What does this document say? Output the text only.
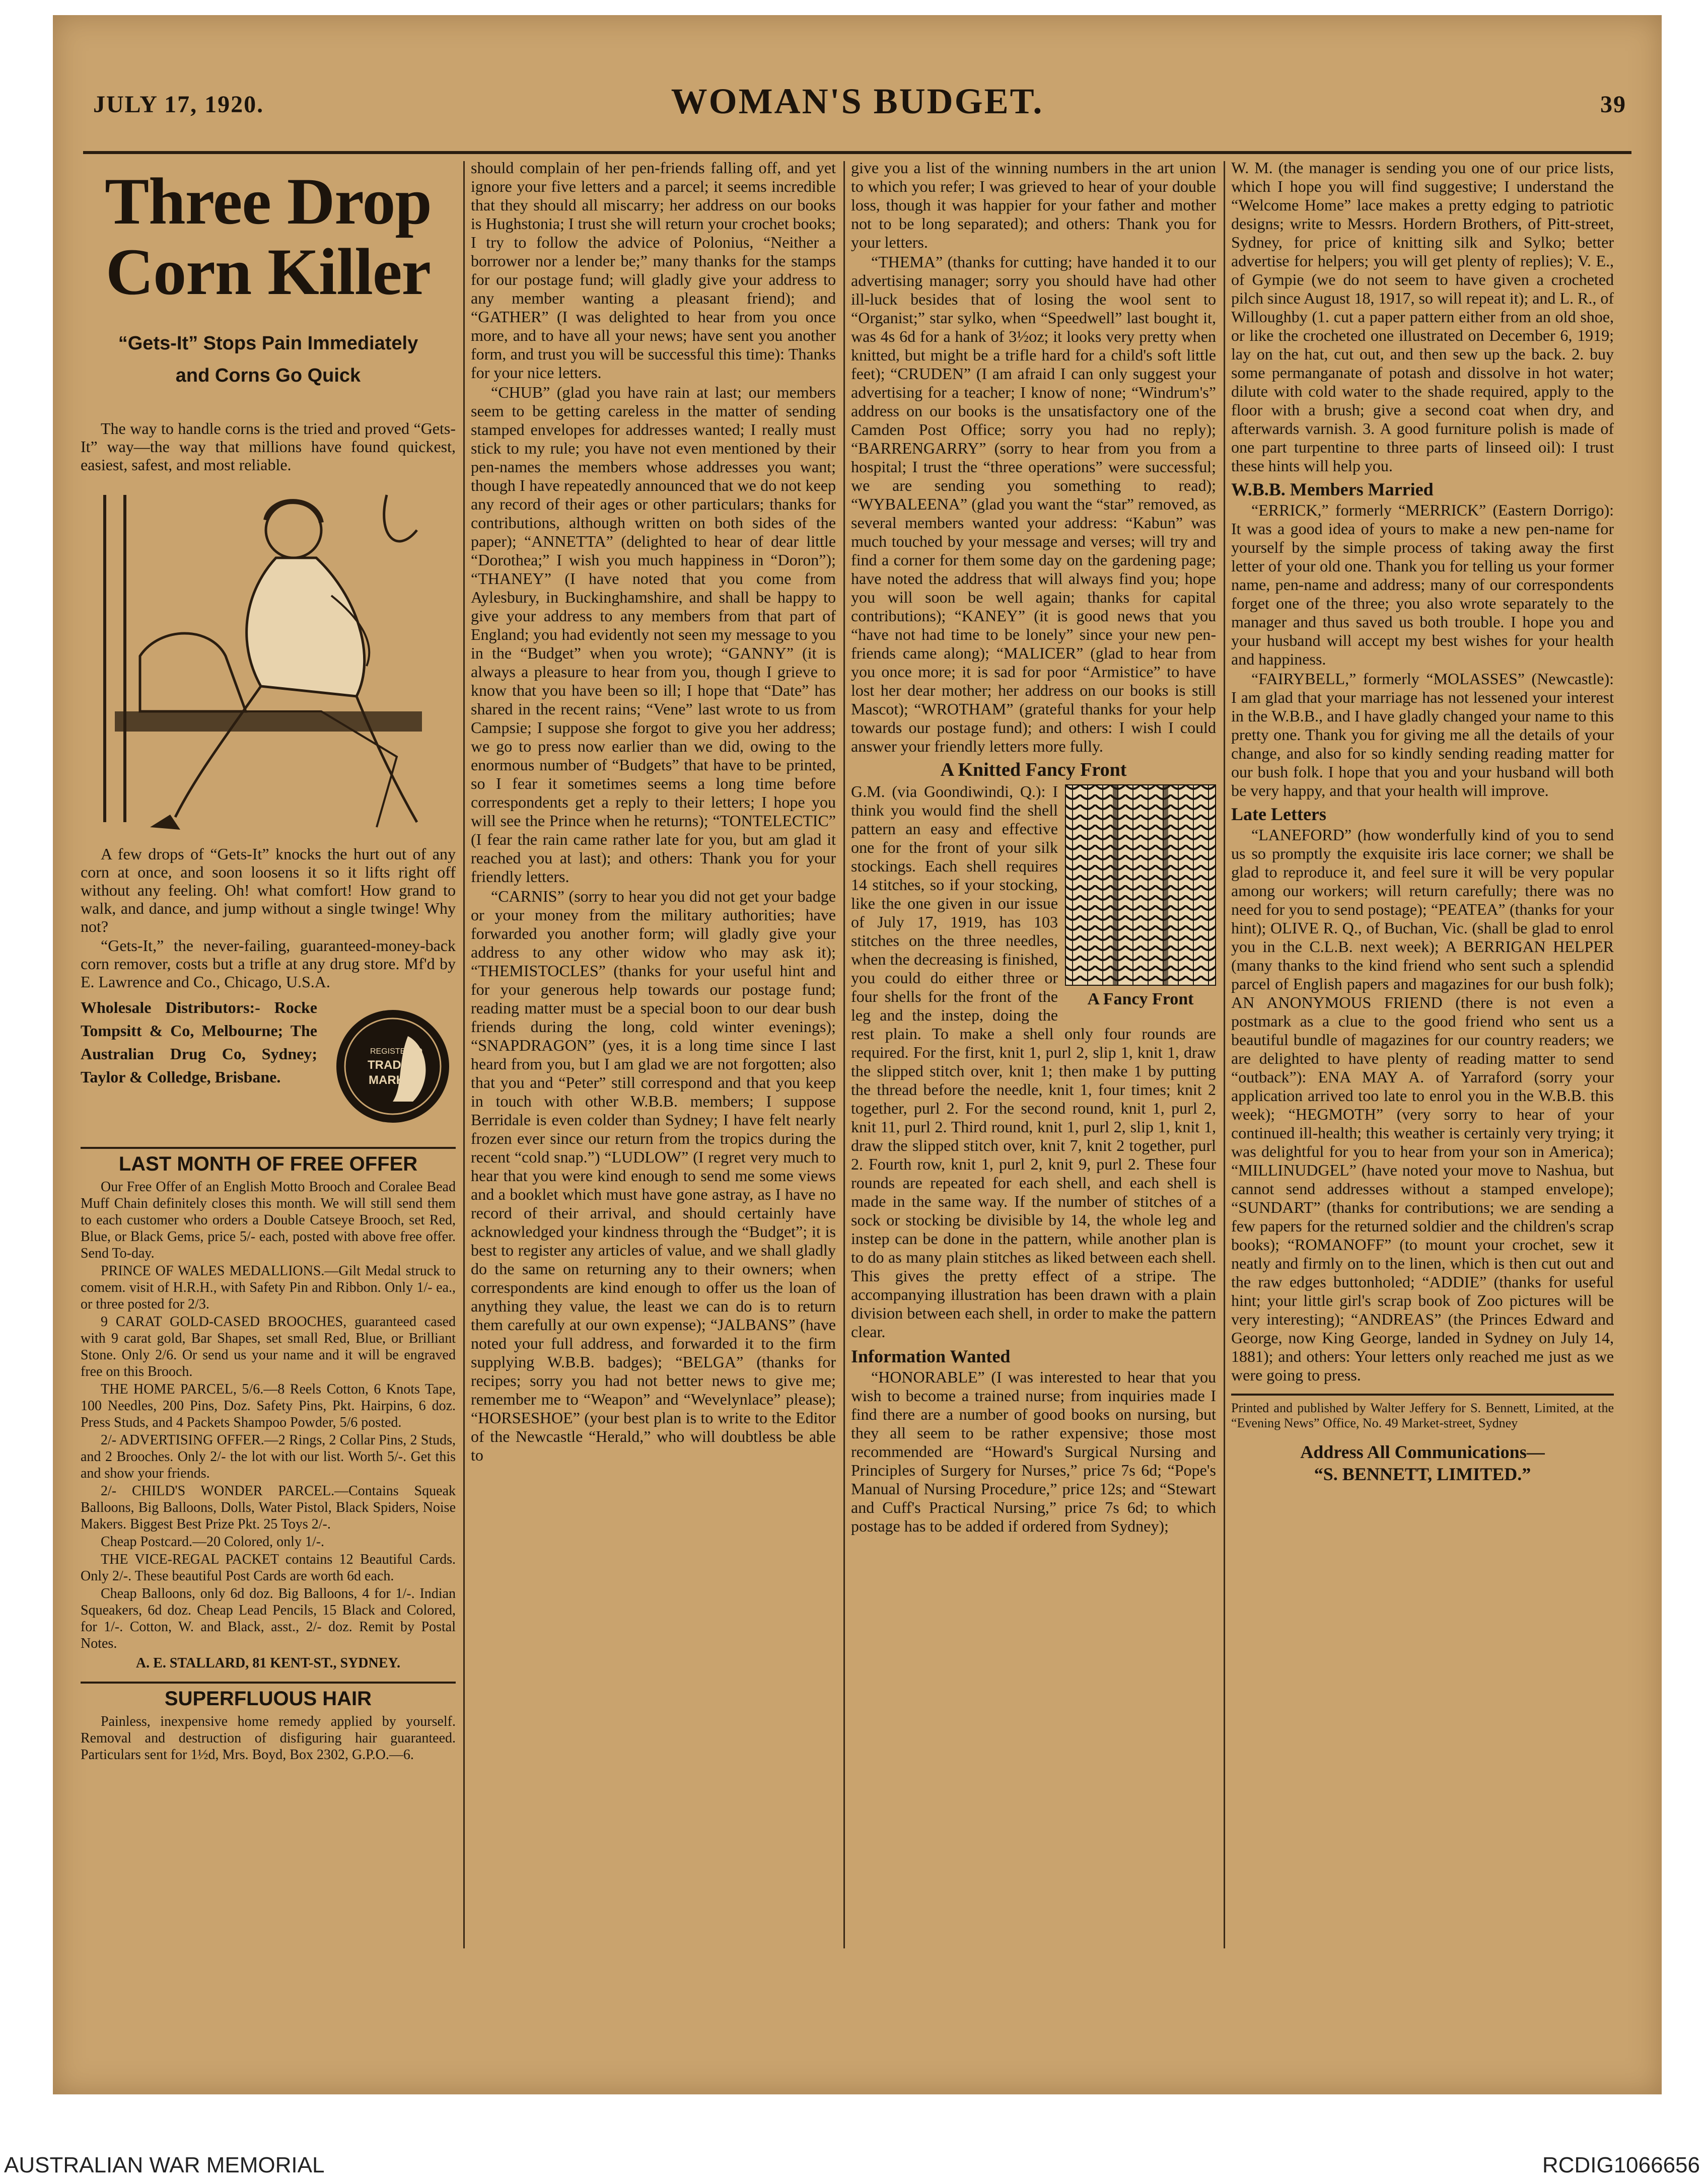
JULY 17, 1920.	WOMAN'S BUDGET.	39
Three Drop
Corn Killer
“Gets-It” Stops Pain Immediately
and Corns Go Quick

The way to handle corns is the tried and proved “Gets-It” way—the way that millions have found quickest, easiest, safest, and most reliable.

A few drops of “Gets-It” knocks the hurt out of any corn at once, and soon loosens it so it lifts right off without any feeling. Oh! what comfort! How grand to walk, and dance, and jump without a single twinge! Why not?

“Gets-It,” the never-failing, guaranteed-money-back corn remover, costs but a trifle at any drug store. Mf'd by E. Lawrence and Co., Chicago, U.S.A.

Wholesale Distributors:- Rocke Tompsitt & Co, Melbourne; The Australian Drug Co, Sydney; Taylor & Colledge, Brisbane.
REGISTERED
TRADE
MARK
LAST MONTH OF FREE OFFER

Our Free Offer of an English Motto Brooch and Coralee Bead Muff Chain definitely closes this month. We will still send them to each customer who orders a Double Catseye Brooch, set Red, Blue, or Black Gems, price 5/- each, posted with above free offer. Send To-day.

PRINCE OF WALES MEDALLIONS.—Gilt Medal struck to comem. visit of H.R.H., with Safety Pin and Ribbon. Only 1/- ea., or three posted for 2/3.

9 CARAT GOLD-CASED BROOCHES, guaranteed cased with 9 carat gold, Bar Shapes, set small Red, Blue, or Brilliant Stone. Only 2/6. Or send us your name and it will be engraved free on this Brooch.

THE HOME PARCEL, 5/6.—8 Reels Cotton, 6 Knots Tape, 100 Needles, 200 Pins, Doz. Safety Pins, Pkt. Hairpins, 6 doz. Press Studs, and 4 Packets Shampoo Powder, 5/6 posted.

2/- ADVERTISING OFFER.—2 Rings, 2 Collar Pins, 2 Studs, and 2 Brooches. Only 2/- the lot with our list. Worth 5/-. Get this and show your friends.

2/- CHILD'S WONDER PARCEL.—Contains Squeak Balloons, Big Balloons, Dolls, Water Pistol, Black Spiders, Noise Makers. Biggest Best Prize Pkt. 25 Toys 2/-.

Cheap Postcard.—20 Colored, only 1/-.

THE VICE-REGAL PACKET contains 12 Beautiful Cards. Only 2/-. These beautiful Post Cards are worth 6d each.

Cheap Balloons, only 6d doz. Big Balloons, 4 for 1/-. Indian Squeakers, 6d doz. Cheap Lead Pencils, 15 Black and Colored, for 1/-. Cotton, W. and Black, asst., 2/- doz. Remit by Postal Notes.

A. E. STALLARD, 81 KENT-ST., SYDNEY.
SUPERFLUOUS HAIR

Painless, inexpensive home remedy applied by yourself. Removal and destruction of disfiguring hair guaranteed. Particulars sent for 1½d, Mrs. Boyd, Box 2302, G.P.O.—6.

should complain of her pen-friends falling off, and yet ignore your five letters and a parcel; it seems incredible that they should all miscarry; her address on our books is Hughstonia; I trust she will return your crochet books; I try to follow the advice of Polonius, “Neither a borrower nor a lender be;” many thanks for the stamps for our postage fund; will gladly give your address to any member wanting a pleasant friend); and “GATHER” (I was delighted to hear from you once more, and to have all your news; have sent you another form, and trust you will be successful this time): Thanks for your nice letters.

“CHUB” (glad you have rain at last; our members seem to be getting careless in the matter of sending stamped envelopes for addresses wanted; I really must stick to my rule; you have not even mentioned by their pen-names the members whose addresses you want; though I have repeatedly announced that we do not keep any record of their ages or other particulars; thanks for contributions, although written on both sides of the paper); “ANNETTA” (delighted to hear of dear little “Dorothea;” I wish you much happiness in “Doron”); “THANEY” (I have noted that you come from Aylesbury, in Buckinghamshire, and shall be happy to give your address to any members from that part of England; you had evidently not seen my message to you in the “Budget” when you wrote); “GANNY” (it is always a pleasure to hear from you, though I grieve to know that you have been so ill; I hope that “Date” has shared in the recent rains; “Vene” last wrote to us from Campsie; I suppose she forgot to give you her address; we go to press now earlier than we did, owing to the enormous number of “Budgets” that have to be printed, so I fear it sometimes seems a long time before correspondents get a reply to their letters; I hope you will see the Prince when he returns); “TONTELECTIC” (I fear the rain came rather late for you, but am glad it reached you at last); and others: Thank you for your friendly letters.

“CARNIS” (sorry to hear you did not get your badge or your money from the military authorities; have forwarded you another form; will gladly give your address to any other widow who may ask it); “THEMISTOCLES” (thanks for your useful hint and for your generous help towards our postage fund; reading matter must be a special boon to our dear bush friends during the long, cold winter evenings); “SNAPDRAGON” (yes, it is a long time since I last heard from you, but I am glad we are not forgotten; also that you and “Peter” still correspond and that you keep in touch with other W.B.B. members; I suppose Berridale is even colder than Sydney; I have felt nearly frozen ever since our return from the tropics during the recent “cold snap.”) “LUDLOW” (I regret very much to hear that you were kind enough to send me some views and a booklet which must have gone astray, as I have no record of their arrival, and should certainly have acknowledged your kindness through the “Budget”; it is best to register any articles of value, and we shall gladly do the same on returning any to their owners; when correspondents are kind enough to offer us the loan of anything they value, the least we can do is to return them carefully at our own expense); “JALBANS” (have noted your full address, and forwarded it to the firm supplying W.B.B. badges); “BELGA” (thanks for recipes; sorry you had not better news to give me; remember me to “Weapon” and “Wevelynlace” please); “HORSESHOE” (your best plan is to write to the Editor of the Newcastle “Herald,” who will doubtless be able to

give you a list of the winning numbers in the art union to which you refer; I was grieved to hear of your double loss, though it was happier for your father and mother not to be long separated); and others: Thank you for your letters.

“THEMA” (thanks for cutting; have handed it to our advertising manager; sorry you should have had other ill-luck besides that of losing the wool sent to “Organist;” star sylko, when “Speedwell” last bought it, was 4s 6d for a hank of 3½oz; it looks very pretty when knitted, but might be a trifle hard for a child's soft little feet); “CRUDEN” (I am afraid I can only suggest your advertising for a teacher; I know of none; “Windrum's” address on our books is the unsatisfactory one of the Camden Post Office; sorry you had no reply); “BARRENGARRY” (sorry to hear from you from a hospital; I trust the “three operations” were successful; we are sending you something to read); “WYBALEENA” (glad you want the “star” removed, as several members wanted your address: “Kabun” was much touched by your message and verses; will try and find a corner for them some day on the gardening page; have noted the address that will always find you; hope you will soon be well again; thanks for capital contributions); “KANEY” (it is good news that you “have not had time to be lonely” since your new pen-friends came along); “MALICER” (glad to hear from you once more; it is sad for poor “Armistice” to have lost her dear mother; her address on our books is still Mascot); “WROTHAM” (grateful thanks for your help towards our postage fund); and others: I wish I could answer your friendly letters more fully.

A Knitted Fancy Front
A Fancy Front

G.M. (via Goondiwindi, Q.): I think you would find the shell pattern an easy and effective one for the front of your silk stockings. Each shell requires 14 stitches, so if your stocking, like the one given in our issue of July 17, 1919, has 103 stitches on the three needles, when the decreasing is finished, you could do either three or four shells for the front of the leg and the instep, doing the rest plain. To make a shell only four rounds are required. For the first, knit 1, purl 2, slip 1, knit 1, draw the slipped stitch over, knit 1; then make 1 by putting the thread before the needle, knit 1, four times; knit 2 together, purl 2. For the second round, knit 1, purl 2, knit 11, purl 2. Third round, knit 1, purl 2, slip 1, knit 1, draw the slipped stitch over, knit 7, knit 2 together, purl 2. Fourth row, knit 1, purl 2, knit 9, purl 2. These four rounds are repeated for each shell, and each shell is made in the same way. If the number of stitches of a sock or stocking be divisible by 14, the whole leg and instep can be done in the pattern, while another plan is to do as many plain stitches as liked between each shell. This gives the pretty effect of a stripe. The accompanying illustration has been drawn with a plain division between each shell, in order to make the pattern clear.

Information Wanted

“HONORABLE” (I was interested to hear that you wish to become a trained nurse; from inquiries made I find there are a number of good books on nursing, but they all seem to be rather expensive; those most recommended are “Howard's Surgical Nursing and Principles of Surgery for Nurses,” price 7s 6d; “Pope's Manual of Nursing Procedure,” price 12s; and “Stewart and Cuff's Practical Nursing,” price 7s 6d; to which postage has to be added if ordered from Sydney);

W. M. (the manager is sending you one of our price lists, which I hope you will find suggestive; I understand the “Welcome Home” lace makes a pretty edging to patriotic designs; write to Messrs. Hordern Brothers, of Pitt-street, Sydney, for price of knitting silk and Sylko; better advertise for helpers; you will get plenty of replies); V. E., of Gympie (we do not seem to have given a crocheted pilch since August 18, 1917, so will repeat it); and L. R., of Willoughby (1. cut a paper pattern either from an old shoe, or like the crocheted one illustrated on December 6, 1919; lay on the hat, cut out, and then sew up the back. 2. buy some permanganate of potash and dissolve in hot water; dilute with cold water to the shade required, apply to the floor with a brush; give a second coat when dry, and afterwards varnish. 3. A good furniture polish is made of one part turpentine to three parts of linseed oil): I trust these hints will help you.

W.B.B. Members Married

“ERRICK,” formerly “MERRICK” (Eastern Dorrigo): It was a good idea of yours to make a new pen-name for yourself by the simple process of taking away the first letter of your old one. Thank you for telling us your former name, pen-name and address; many of our correspondents forget one of the three; you also wrote separately to the manager and thus saved us both trouble. I hope you and your husband will accept my best wishes for your health and happiness.

“FAIRYBELL,” formerly “MOLASSES” (Newcastle): I am glad that your marriage has not lessened your interest in the W.B.B., and I have gladly changed your name to this pretty one. Thank you for giving me all the details of your change, and also for so kindly sending reading matter for our bush folk. I hope that you and your husband will both be very happy, and that your health will improve.

Late Letters

“LANEFORD” (how wonderfully kind of you to send us so promptly the exquisite iris lace corner; we shall be glad to reproduce it, and feel sure it will be very popular among our workers; will return carefully; there was no need for you to send postage); “PEATEA” (thanks for your hint); OLIVE R. Q., of Buchan, Vic. (shall be glad to enrol you in the C.L.B. next week); A BERRIGAN HELPER (many thanks to the kind friend who sent such a splendid parcel of English papers and magazines for our bush folk); AN ANONYMOUS FRIEND (there is not even a postmark as a clue to the good friend who sent us a beautiful bundle of magazines for our country readers; we are delighted to have plenty of reading matter to send “outback”): ENA MAY A. of Yarraford (sorry your application arrived too late to enrol you in the W.B.B. this week); “HEGMOTH” (very sorry to hear of your continued ill-health; this weather is certainly very trying; it was delightful for you to hear from your son in America); “MILLINUDGEL” (have noted your move to Nashua, but cannot send addresses without a stamped envelope); “SUNDART” (thanks for contributions; we are sending a few papers for the returned soldier and the children's scrap books); “ROMANOFF” (to mount your crochet, sew it neatly and firmly on to the linen, which is then cut out and the raw edges buttonholed; “ADDIE” (thanks for useful hint; your little girl's scrap book of Zoo pictures will be very interesting); “ANDREAS” (the Princes Edward and George, now King George, landed in Sydney on July 14, 1881); and others: Your letters only reached me just as we were going to press.

Printed and published by Walter Jeffery for S. Bennett, Limited, at the “Evening News” Office, No. 49 Market-street, Sydney
Address All Communications—
“S. BENNETT, LIMITED.”
AUSTRALIAN WAR MEMORIAL	RCDIG1066656
